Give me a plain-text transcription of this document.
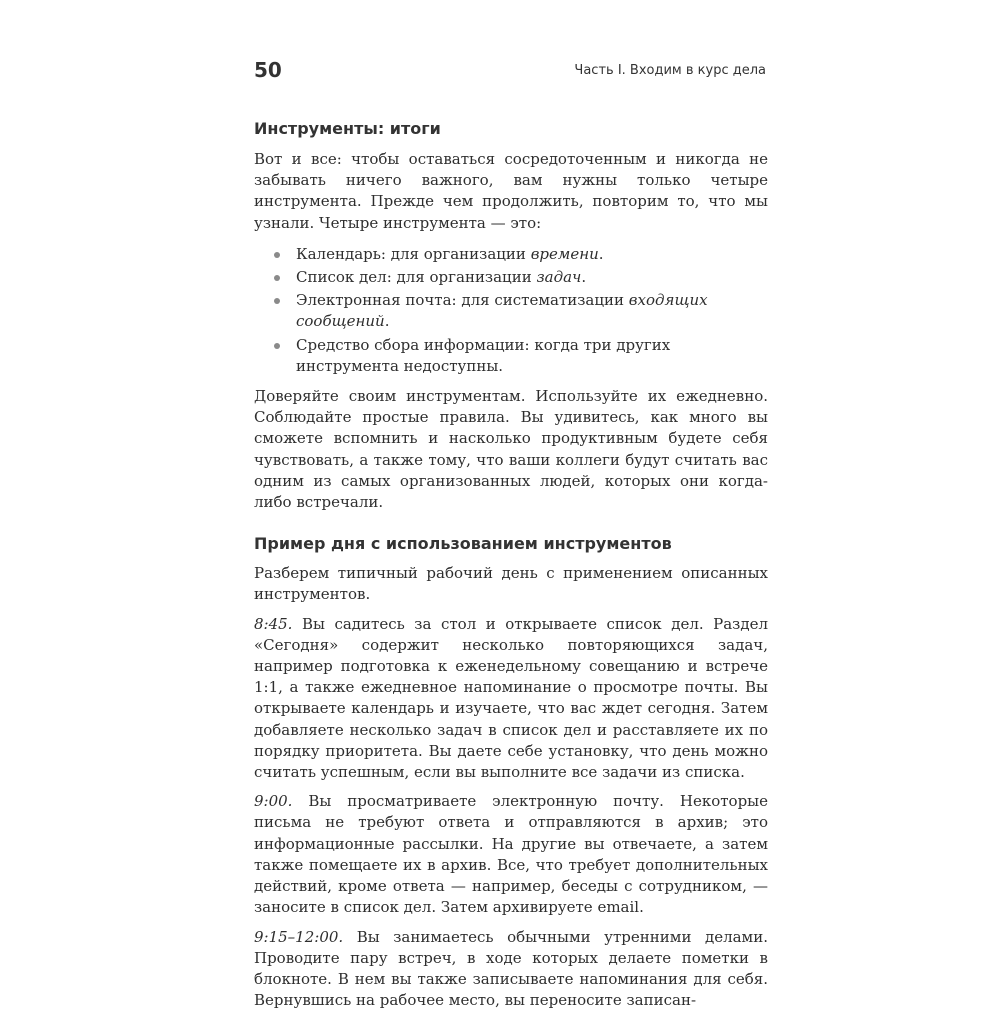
50	Часть I. Входим в курс дела
Инструменты: итоги

Вот и все: чтобы оставаться сосредоточенным и никогда не забывать ничего важного, вам нужны только четыре инструмента. Прежде чем продолжить, повторим то, что мы узнали. Четыре инструмента — это:

Календарь: для организации времени.
Список дел: для организации задач.
Электронная почта: для систематизации входящих сообщений.
Средство сбора информации: когда три других инструмента недоступны.

Доверяйте своим инструментам. Используйте их ежедневно. Соблюдайте простые правила. Вы удивитесь, как много вы сможете вспомнить и насколько продуктивным будете себя чувствовать, а также тому, что ваши коллеги будут считать вас одним из самых организованных людей, которых они когда-либо встречали.

Пример дня с использованием инструментов

Разберем типичный рабочий день с применением описанных инструментов.

8:45. Вы садитесь за стол и открываете список дел. Раздел «Сегодня» содержит несколько повторяющихся задач, например подготовка к еженедельному совещанию и встрече 1:1, а также ежедневное напоминание о просмотре почты. Вы открываете календарь и изучаете, что вас ждет сегодня. Затем добавляете несколько задач в список дел и расставляете их по порядку приоритета. Вы даете себе установку, что день можно считать успешным, если вы выполните все задачи из списка.

9:00. Вы просматриваете электронную почту. Некоторые письма не требуют ответа и отправляются в архив; это информационные рассылки. На другие вы отвечаете, а затем также помещаете их в архив. Все, что требует дополнительных действий, кроме ответа — например, беседы с сотрудником, — заносите в список дел. Затем архивируете email.

9:15–12:00. Вы занимаетесь обычными утренними делами. Проводите пару встреч, в ходе которых делаете пометки в блокноте. В нем вы также записываете напоминания для себя. Вернувшись на рабочее место, вы переносите записан-
